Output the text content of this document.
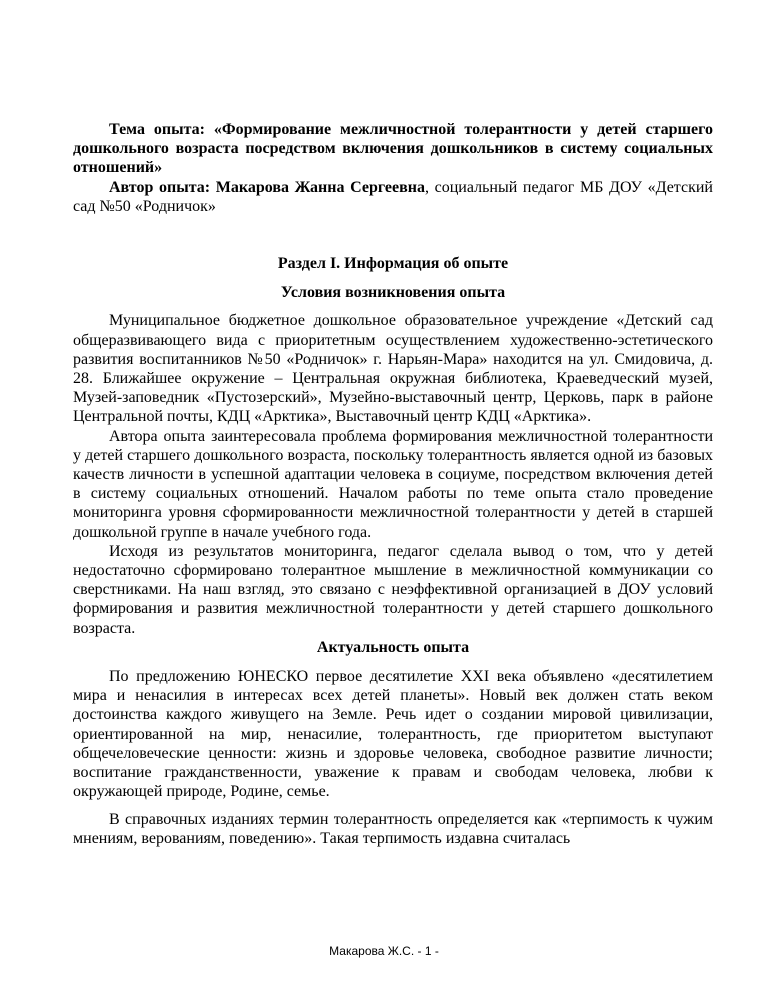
Тема опыта: «Формирование межличностной толерантности у детей старшего дошкольного возраста посредством включения дошкольников в систему социальных отношений»

Автор опыта: Макарова Жанна Сергеевна, социальный педагог МБ ДОУ «Детский сад №50 «Родничок»

Раздел I. Информация об опыте

Условия возникновения опыта

Муниципальное бюджетное дошкольное образовательное учреждение «Детский сад общеразвивающего вида с приоритетным осуществлением художественно-эстетического развития воспитанников №50 «Родничок» г. Нарьян-Мара» находится на ул. Смидовича, д. 28. Ближайшее окружение – Центральная окружная библиотека, Краеведческий музей, Музей-заповедник «Пустозерский», Музейно-выставочный центр, Церковь, парк в районе Центральной почты, КДЦ «Арктика», Выставочный центр КДЦ «Арктика».

Автора опыта заинтересовала проблема формирования межличностной толерантности у детей старшего дошкольного возраста, поскольку толерантность является одной из базовых качеств личности в успешной адаптации человека в социуме, посредством включения детей в систему социальных отношений. Началом работы по теме опыта стало проведение мониторинга уровня сформированности межличностной толерантности у детей в старшей дошкольной группе в начале учебного года.

Исходя из результатов мониторинга, педагог сделала вывод о том, что у детей недостаточно сформировано толерантное мышление в межличностной коммуникации со сверстниками. На наш взгляд, это связано с неэффективной организацией в ДОУ условий формирования и развития межличностной толерантности у детей старшего дошкольного возраста.

Актуальность опыта

По предложению ЮНЕСКО первое десятилетие XXI века объявлено «десятилетием мира и ненасилия в интересах всех детей планеты». Новый век должен стать веком достоинства каждого живущего на Земле. Речь идет о создании мировой цивилизации, ориентированной на мир, ненасилие, толерантность, где приоритетом выступают общечеловеческие ценности: жизнь и здоровье человека, свободное развитие личности; воспитание гражданственности, уважение к правам и свободам человека, любви к окружающей природе, Родине, семье.

В справочных изданиях термин толерантность определяется как «терпимость к чужим мнениям, верованиям, поведению». Такая терпимость издавна считалась

Макарова Ж.С. - 1 -
